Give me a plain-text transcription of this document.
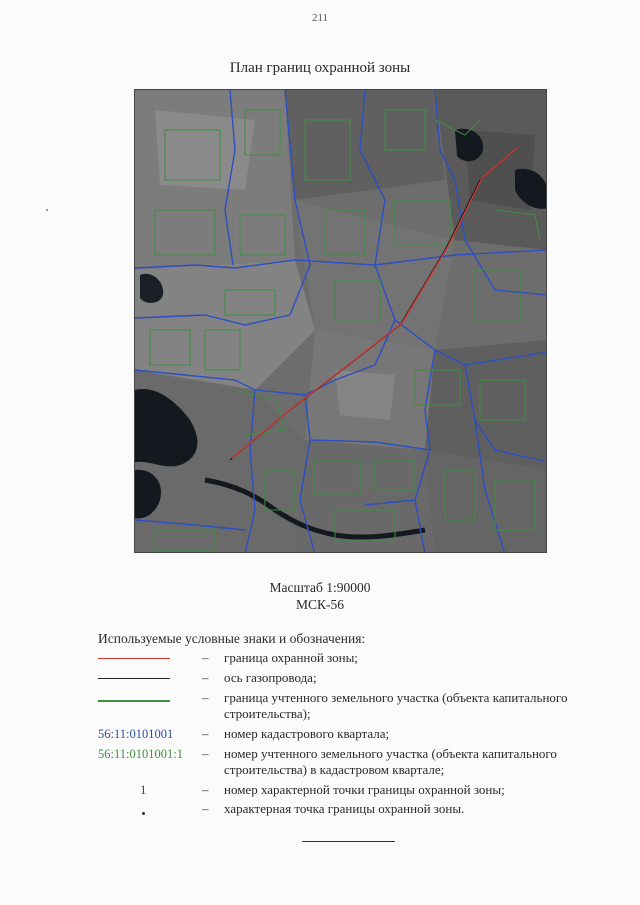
211
План границ охранной зоны
...
Масштаб 1:90000
МСК-56
Используемые условные знаки и обозначения:
– граница охранной зоны;
– ось газопровода;
– граница учтенного земельного участка (объекта капитального строительства);
56:11:0101001	– номер кадастрового квартала;
56:11:0101001:1	– номер учтенного земельного участка (объекта капитального строительства) в кадастровом квартале;
1	– номер характерной точки границы охранной зоны;
– характерная точка границы охранной зоны.
